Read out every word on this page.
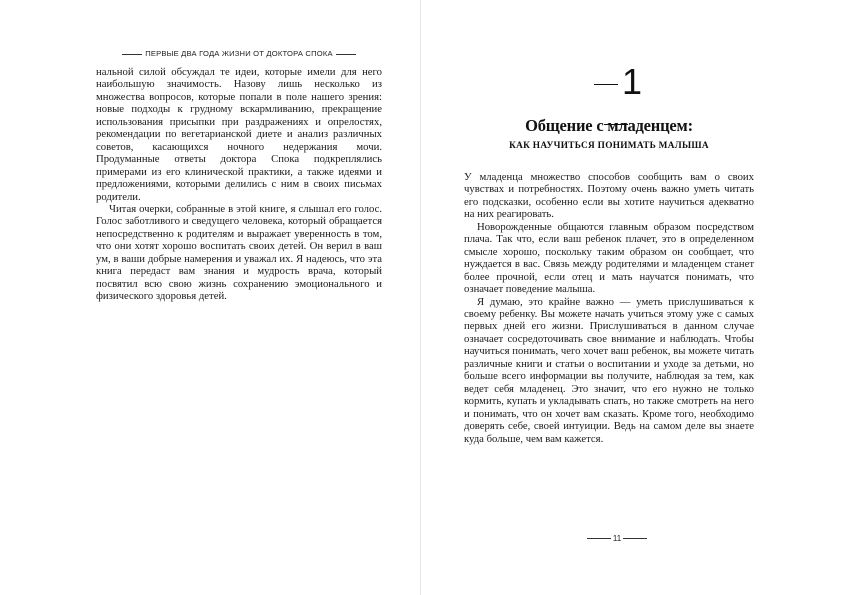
ПЕРВЫЕ ДВА ГОДА ЖИЗНИ ОТ ДОКТОРА СПОКА

нальной силой обсуждал те идеи, которые имели для него наибольшую значимость. Назову лишь несколько из множества вопросов, которые попали в поле нашего зрения: новые подходы к грудному вскармливанию, прекращение использования присыпки при раздражениях и опрелостях, рекомендации по вегетарианской диете и анализ различных советов, касающихся ночного недержания мочи. Продуманные ответы доктора Спока подкреплялись примерами из его клинической практики, а также идеями и предложениями, которыми делились с ним в своих письмах родители.

Читая очерки, собранные в этой книге, я слышал его голос. Голос заботливого и сведущего человека, который обращается непосредственно к родителям и выражает уверенность в том, что они хотят хорошо воспитать своих детей. Он верил в ваш ум, в ваши добрые намерения и уважал их. Я надеюсь, что эта книга передаст вам знания и мудрость врача, который посвятил всю свою жизнь сохранению эмоционального и физического здоровья детей.

1
Общение с младенцем:
КАК НАУЧИТЬСЯ ПОНИМАТЬ МАЛЫША

У младенца множество способов сообщить вам о своих чувствах и потребностях. Поэтому очень важно уметь читать его подсказки, особенно если вы хотите научиться адекватно на них реагировать.

Новорожденные общаются главным образом посредством плача. Так что, если ваш ребенок плачет, это в определенном смысле хорошо, поскольку таким образом он сообщает, что нуждается в вас. Связь между родителями и младенцем станет более прочной, если отец и мать научатся понимать, что означает поведение малыша.

Я думаю, это крайне важно — уметь прислушиваться к своему ребенку. Вы можете начать учиться этому уже с самых первых дней его жизни. Прислушиваться в данном случае означает сосредоточивать свое внимание и наблюдать. Чтобы научиться понимать, чего хочет ваш ребенок, вы можете читать различные книги и статьи о воспитании и уходе за детьми, но больше всего информации вы получите, наблюдая за тем, как ведет себя младенец. Это значит, что его нужно не только кормить, купать и укладывать спать, но также смотреть на него и понимать, что он хочет вам сказать. Кроме того, необходимо доверять себе, своей интуиции. Ведь на самом деле вы знаете куда больше, чем вам кажется.

11
